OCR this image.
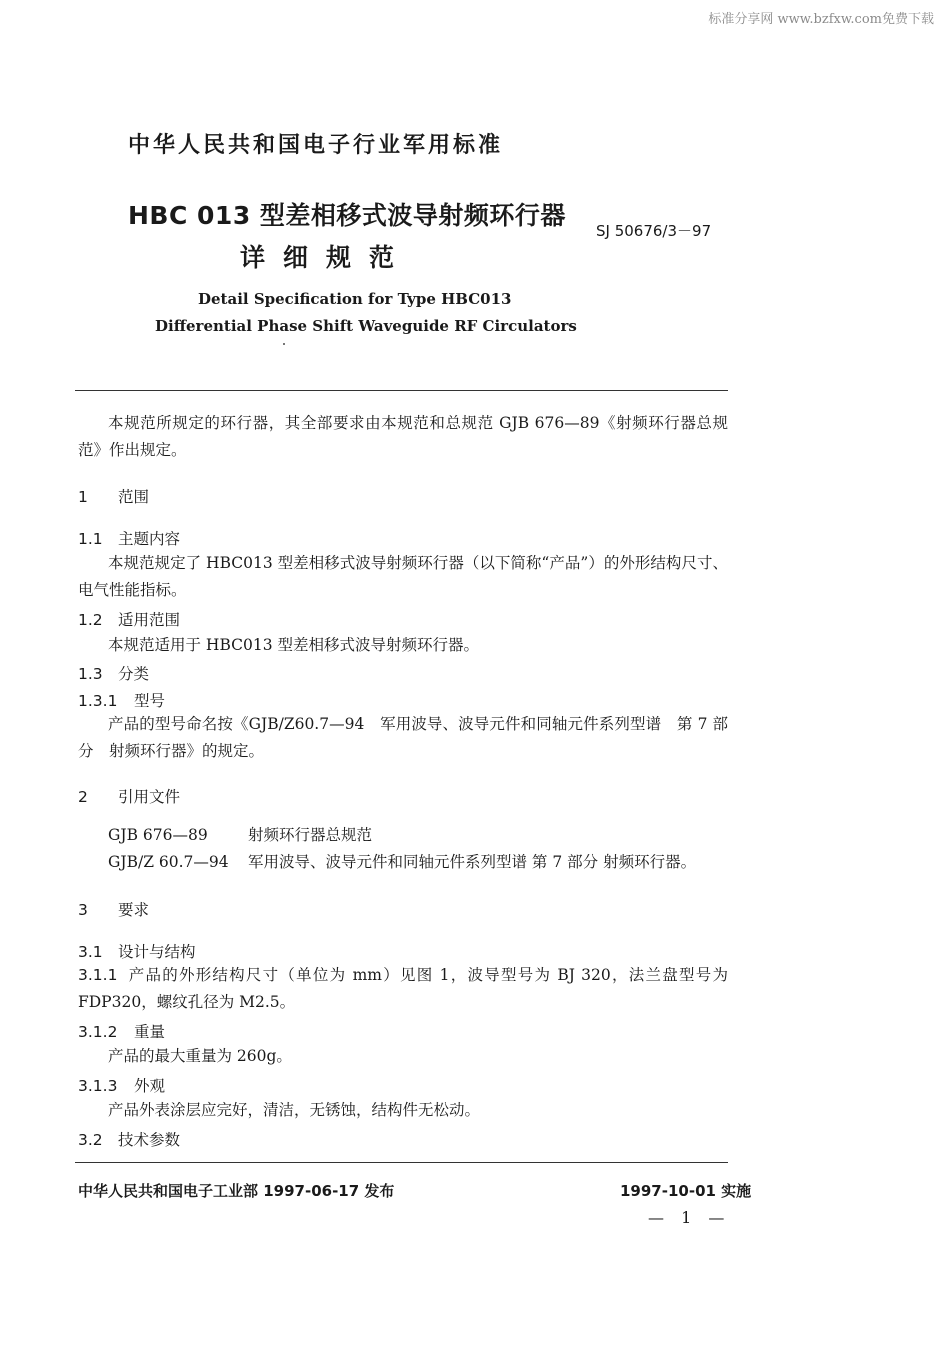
标准分享网 www.bzfxw.com免费下载
中华人民共和国电子行业军用标准
HBC 013 型差相移式波导射频环行器
详细规范
SJ 50676/3－97
Detail Specification for Type HBC013
Differential Phase Shift Waveguide RF Circulators
本规范所规定的环行器，其全部要求由本规范和总规范 GJB 676—89《射频环行器总规范》作出规定。
1 范围
1.1 主题内容
本规范规定了 HBC013 型差相移式波导射频环行器（以下简称“产品”）的外形结构尺寸、电气性能指标。
1.2 适用范围
本规范适用于 HBC013 型差相移式波导射频环行器。
1.3 分类
1.3.1 型号
产品的型号命名按《GJB/Z60.7—94　军用波导、波导元件和同轴元件系列型谱　第 7 部分　射频环行器》的规定。
2 引用文件
GJB 676—89	射频环行器总规范
GJB/Z 60.7—94 军用波导、波导元件和同轴元件系列型谱 第 7 部分 射频环行器。
3 要求
3.1 设计与结构
3.1.1 产品的外形结构尺寸（单位为 mm）见图 1，波导型号为 BJ 320，法兰盘型号为 FDP320，螺纹孔径为 M2.5。
3.1.2 重量
产品的最大重量为 260g。
3.1.3 外观
产品外表涂层应完好，清洁，无锈蚀，结构件无松动。
3.2 技术参数
中华人民共和国电子工业部 1997-06-17 发布	1997-10-01 实施
— 1 —
